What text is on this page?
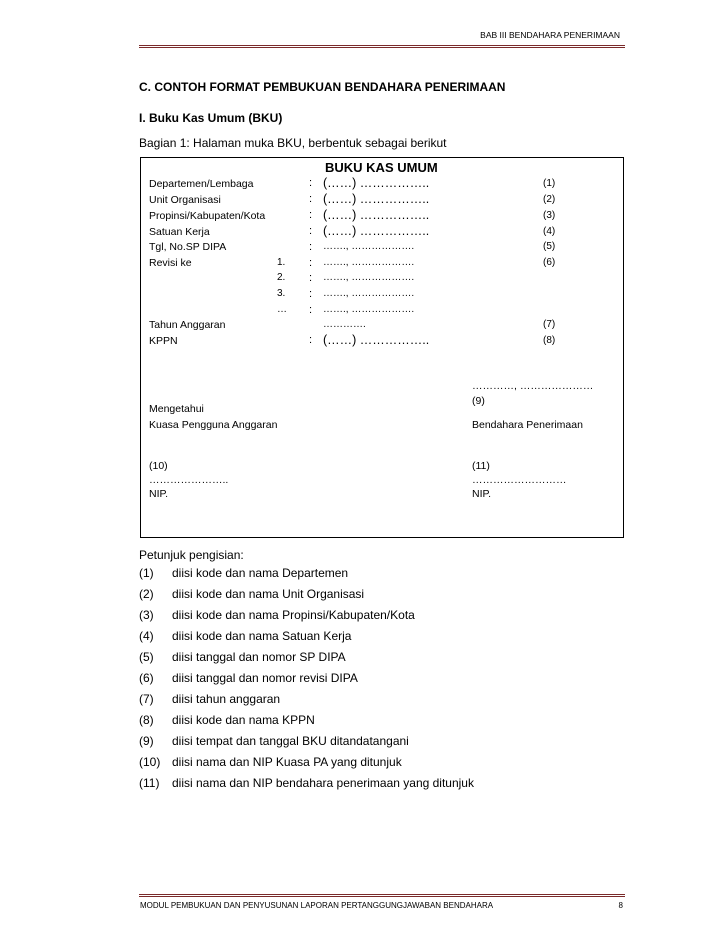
BAB III BENDAHARA PENERIMAAN
C. CONTOH FORMAT PEMBUKUAN BENDAHARA PENERIMAAN
I. Buku Kas Umum (BKU)
Bagian 1: Halaman muka BKU, berbentuk sebagai berikut
BUKU KAS UMUM
…………, …………………
(9)
Mengetahui
Kuasa Pengguna Anggaran	Bendahara Penerimaan
(10)	(11)
…………………..	………………………
NIP.	NIP.
Departemen/Lembaga	: (……) ……………..	(1)
Unit Organisasi	: (……) ……………..	(2)
Propinsi/Kabupaten/Kota	: (……) ……………..	(3)
Satuan Kerja	: (……) ……………..	(4)
Tgl, No.SP DIPA	: ……., ……………….	(5)
Revisi ke	1. : ……., ……………….	(6)
2. : ……., ……………….
3. : ……., ……………….
… : ……., ……………….
Tahun Anggaran	………….	(7)
KPPN	: (……) ……………..	(8)
Petunjuk pengisian:
(1) diisi kode dan nama Departemen
(2) diisi kode dan nama Unit Organisasi
(3) diisi kode dan nama Propinsi/Kabupaten/Kota
(4) diisi kode dan nama Satuan Kerja
(5) diisi tanggal dan nomor SP DIPA
(6) diisi tanggal dan nomor revisi DIPA
(7) diisi tahun anggaran
(8) diisi kode dan nama KPPN
(9) diisi tempat dan tanggal BKU ditandatangani
(10) diisi nama dan NIP Kuasa PA yang ditunjuk
(11) diisi nama dan NIP bendahara penerimaan yang ditunjuk
MODUL PEMBUKUAN DAN PENYUSUNAN LAPORAN PERTANGGUNGJAWABAN BENDAHARA	8
